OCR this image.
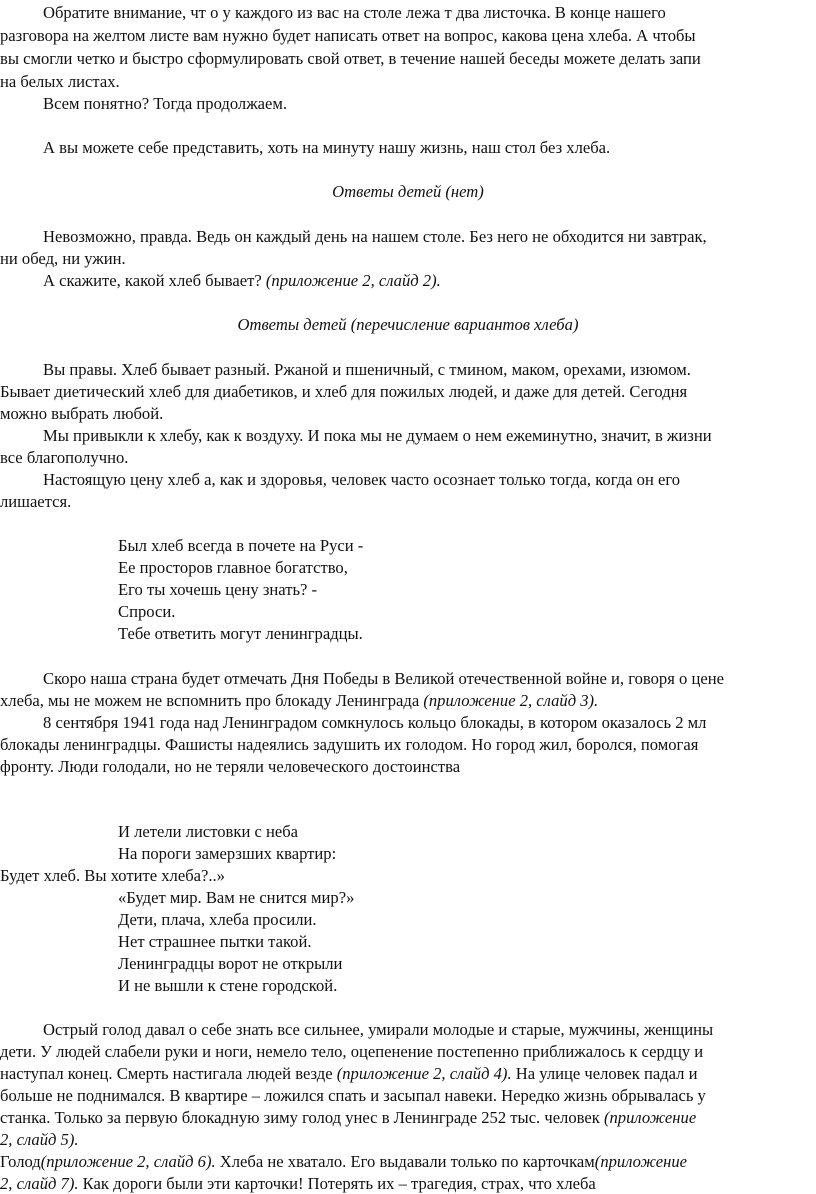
Обратите внимание, чт о у каждого из вас на столе лежа т два листочка. В конце нашего
разговора на желтом листе вам нужно будет написать ответ на вопрос, какова цена хлеба. А чтобы
вы смогли четко и быстро сформулировать свой ответ, в течение нашей беседы можете делать запи
на белых листах.
Всем понятно? Тогда продолжаем.
А вы можете себе представить, хоть на минуту нашу жизнь, наш стол без хлеба.
Ответы детей (нет)
Невозможно, правда. Ведь он каждый день на нашем столе. Без него не обходится ни завтрак,
ни обед, ни ужин.
А скажите, какой хлеб бывает? (приложение 2, слайд 2).
Ответы детей (перечисление вариантов хлеба)
Вы правы. Хлеб бывает разный. Ржаной и пшеничный, с тмином, маком, орехами, изюмом.
Бывает диетический хлеб для диабетиков, и хлеб для пожилых людей, и даже для детей. Сегодня
можно выбрать любой.
Мы привыкли к хлебу, как к воздуху. И пока мы не думаем о нем ежеминутно, значит, в жизни
все благополучно.
Настоящую цену хлеб а, как и здоровья, человек часто осознает только тогда, когда он его
лишается.
Был хлеб всегда в почете на Руси -
Ее просторов главное богатство,
Его ты хочешь цену знать? -
Спроси.
Тебе ответить могут ленинградцы.
Скоро наша страна будет отмечать Дня Победы в Великой отечественной войне и, говоря о цене
хлеба, мы не можем не вспомнить про блокаду Ленинграда (приложение 2, слайд 3).
8 сентября 1941 года над Ленинградом сомкнулось кольцо блокады, в котором оказалось 2 мл
блокады ленинградцы. Фашисты надеялись задушить их голодом. Но город жил, боролся, помогая
фронту. Люди голодали, но не теряли человеческого достоинства
И летели листовки с неба
На пороги замерзших квартир:
Будет хлеб. Вы хотите хлеба?..»
«Будет мир. Вам не снится мир?»
Дети, плача, хлеба просили.
Нет страшнее пытки такой.
Ленинградцы ворот не открыли
И не вышли к стене городской.
Острый голод давал о себе знать все сильнее, умирали молодые и старые, мужчины, женщины
дети. У людей слабели руки и ноги, немело тело, оцепенение постепенно приближалось к сердцу и
наступал конец. Смерть настигала людей везде (приложение 2, слайд 4). На улице человек падал и
больше не поднимался. В квартире – ложился спать и засыпал навеки. Нередко жизнь обрывалась у
станка. Только за первую блокадную зиму голод унес в Ленинграде 252 тыс. человек (приложение
2, слайд 5).
Голод(приложение 2, слайд 6). Хлеба не хватало. Его выдавали только по карточкам(приложение
2, слайд 7). Как дороги были эти карточки! Потерять их – трагедия, страх, что хлеба
